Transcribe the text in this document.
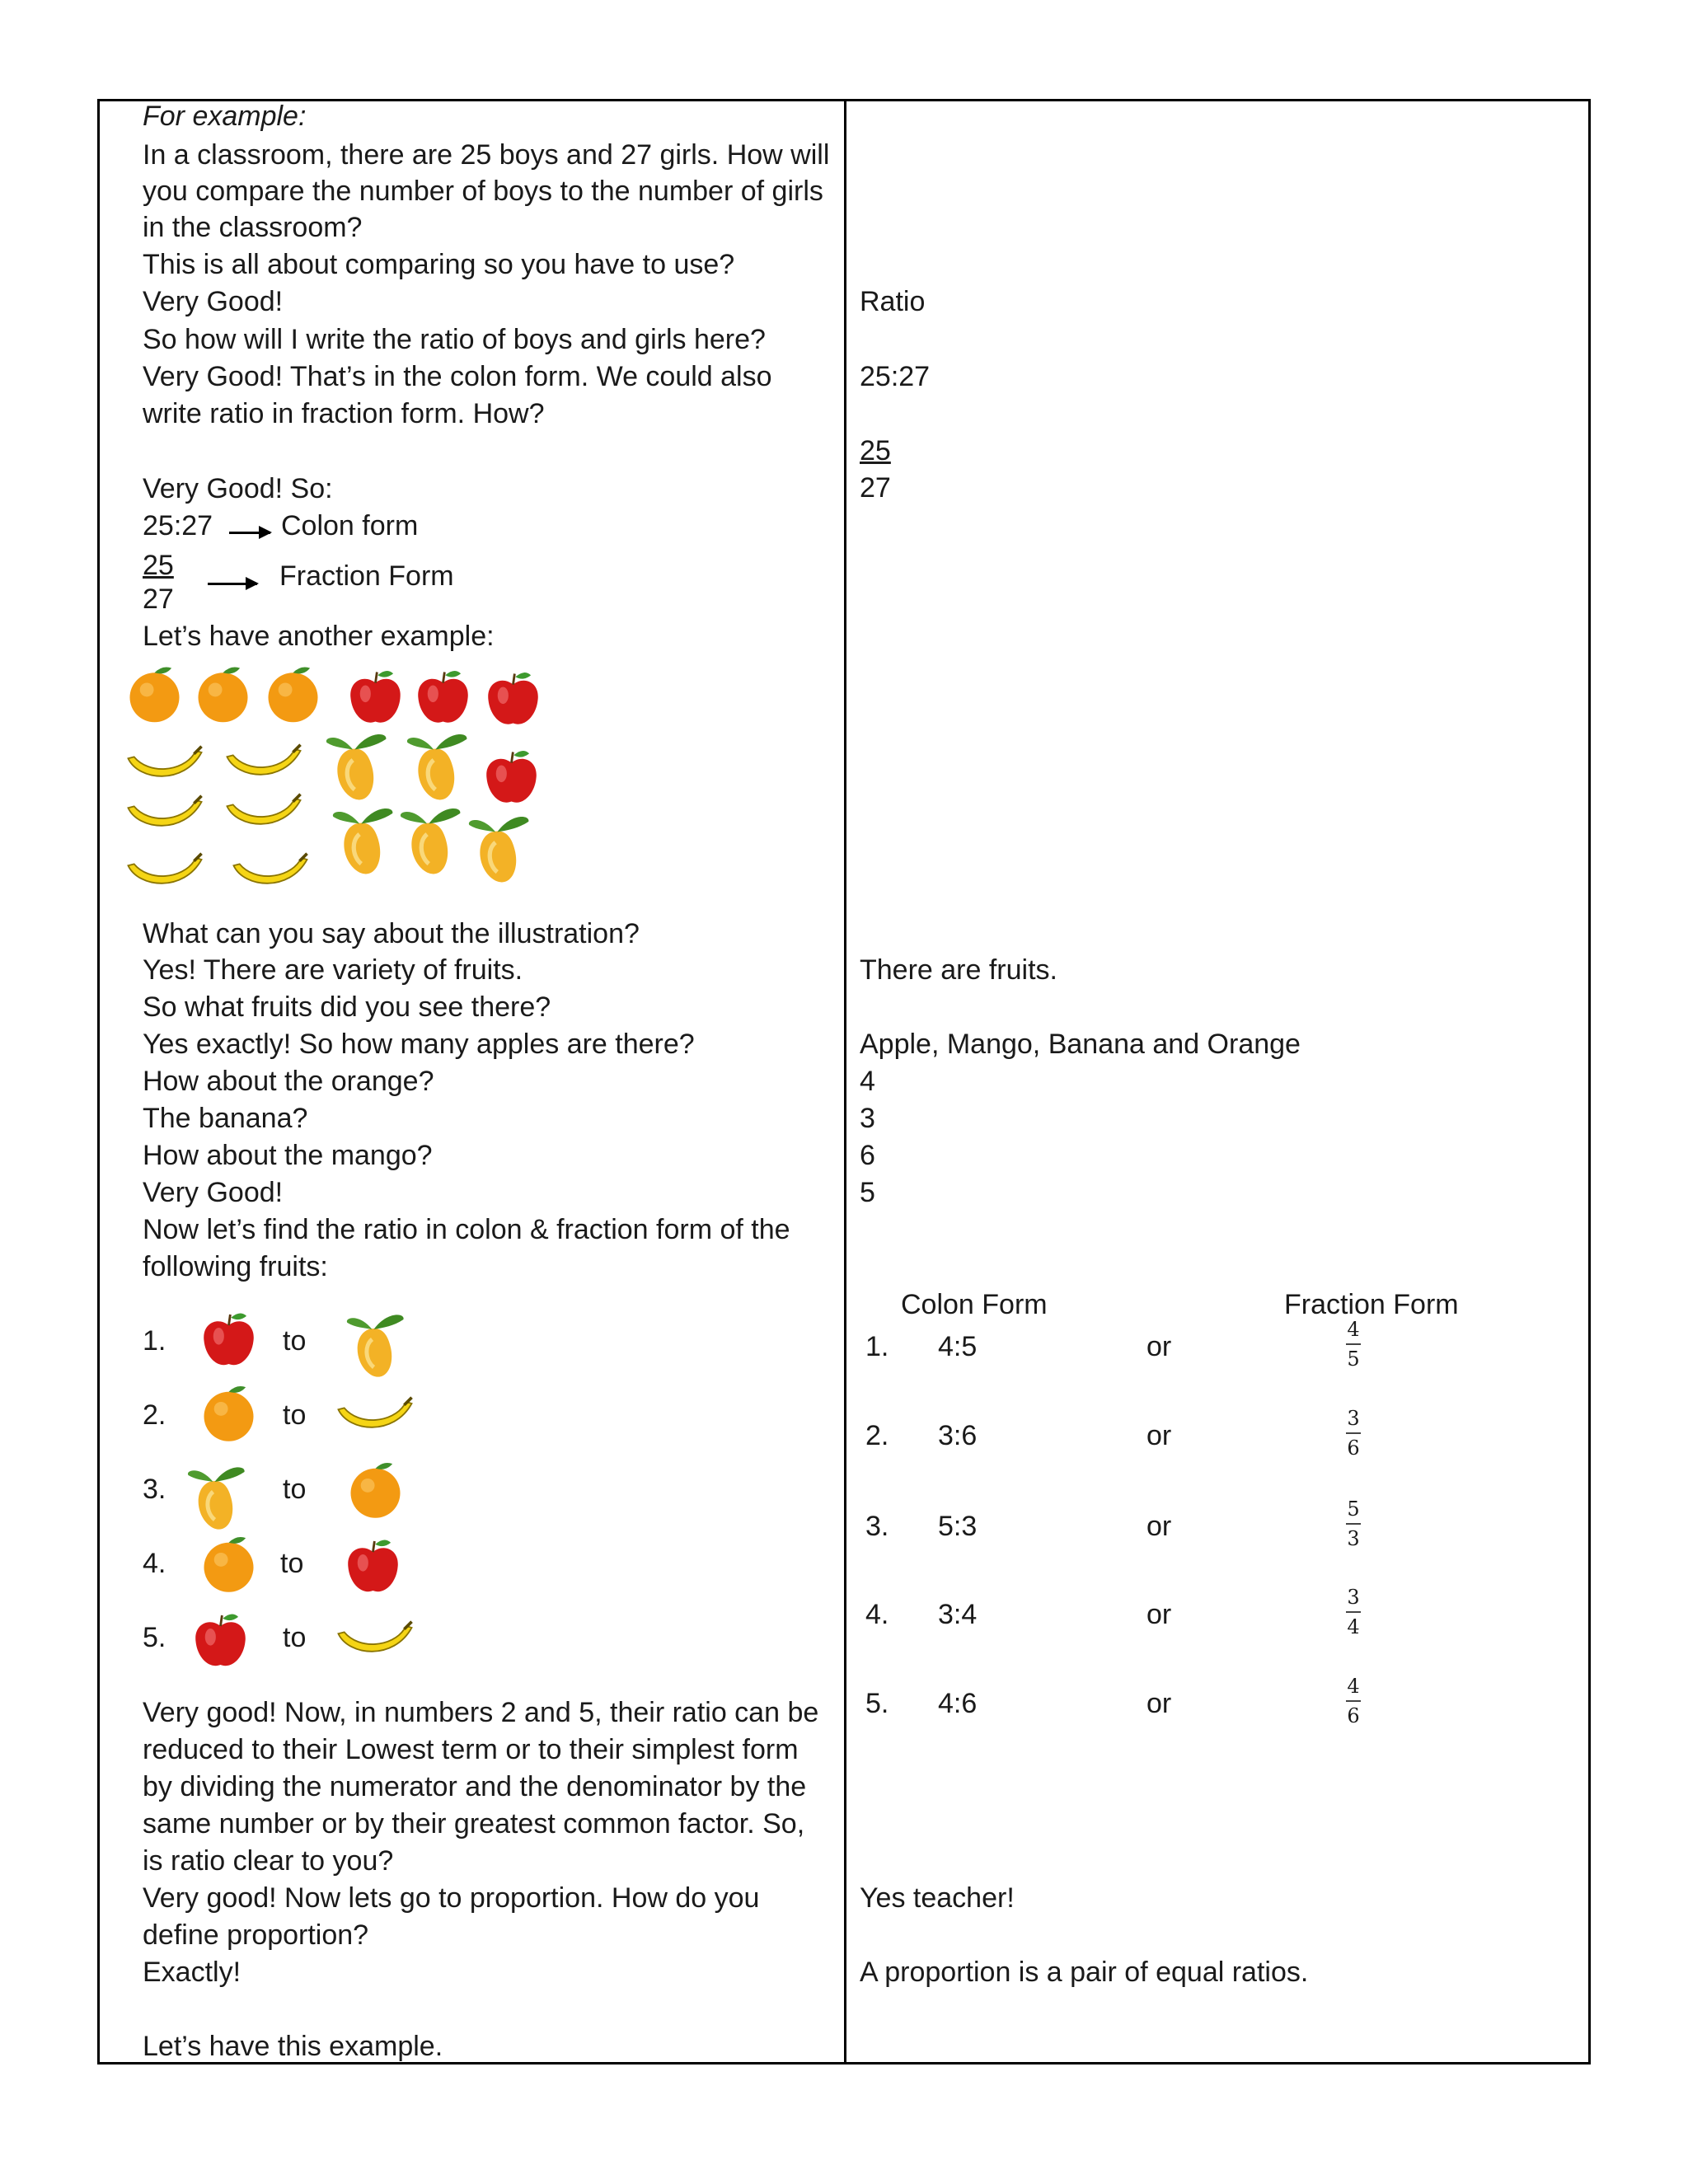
For example:
In a classroom, there are 25 boys and 27 girls. How will
you compare the number of boys to the number of girls
in the classroom?
This is all about comparing so you have to use?
Very Good!
So how will I write the ratio of boys and girls here?
Very Good! That’s in the colon form. We could also
write ratio in fraction form. How?
Very Good! So:
25:27 Colon form
25
27
Fraction Form
Let’s have another example:
What can you say about the illustration?
Yes! There are variety of fruits.
So what fruits did you see there?
Yes exactly! So how many apples are there?
How about the orange?
The banana?
How about the mango?
Very Good!
Now let’s find the ratio in colon & fraction form of the
following fruits:
1.	to
2.	to
3.	to
4.	to
5.	to
Very good! Now, in numbers 2 and 5, their ratio can be
reduced to their Lowest term or to their simplest form
by dividing the numerator and the denominator by the
same number or by their greatest common factor. So,
is ratio clear to you?
Very good! Now lets go to proportion. How do you
define proportion?
Exactly!
Let’s have this example.
Ratio
25:27
25
27
There are fruits.
Apple, Mango, Banana and Orange
4
3
6
5
Colon Form	Fraction Form
1. 4:5	or
4
5
2. 3:6	or
3
6
3. 5:3	or
5
3
4. 3:4	or
3
4
5. 4:6	or
4
6
Yes teacher!
A proportion is a pair of equal ratios.
